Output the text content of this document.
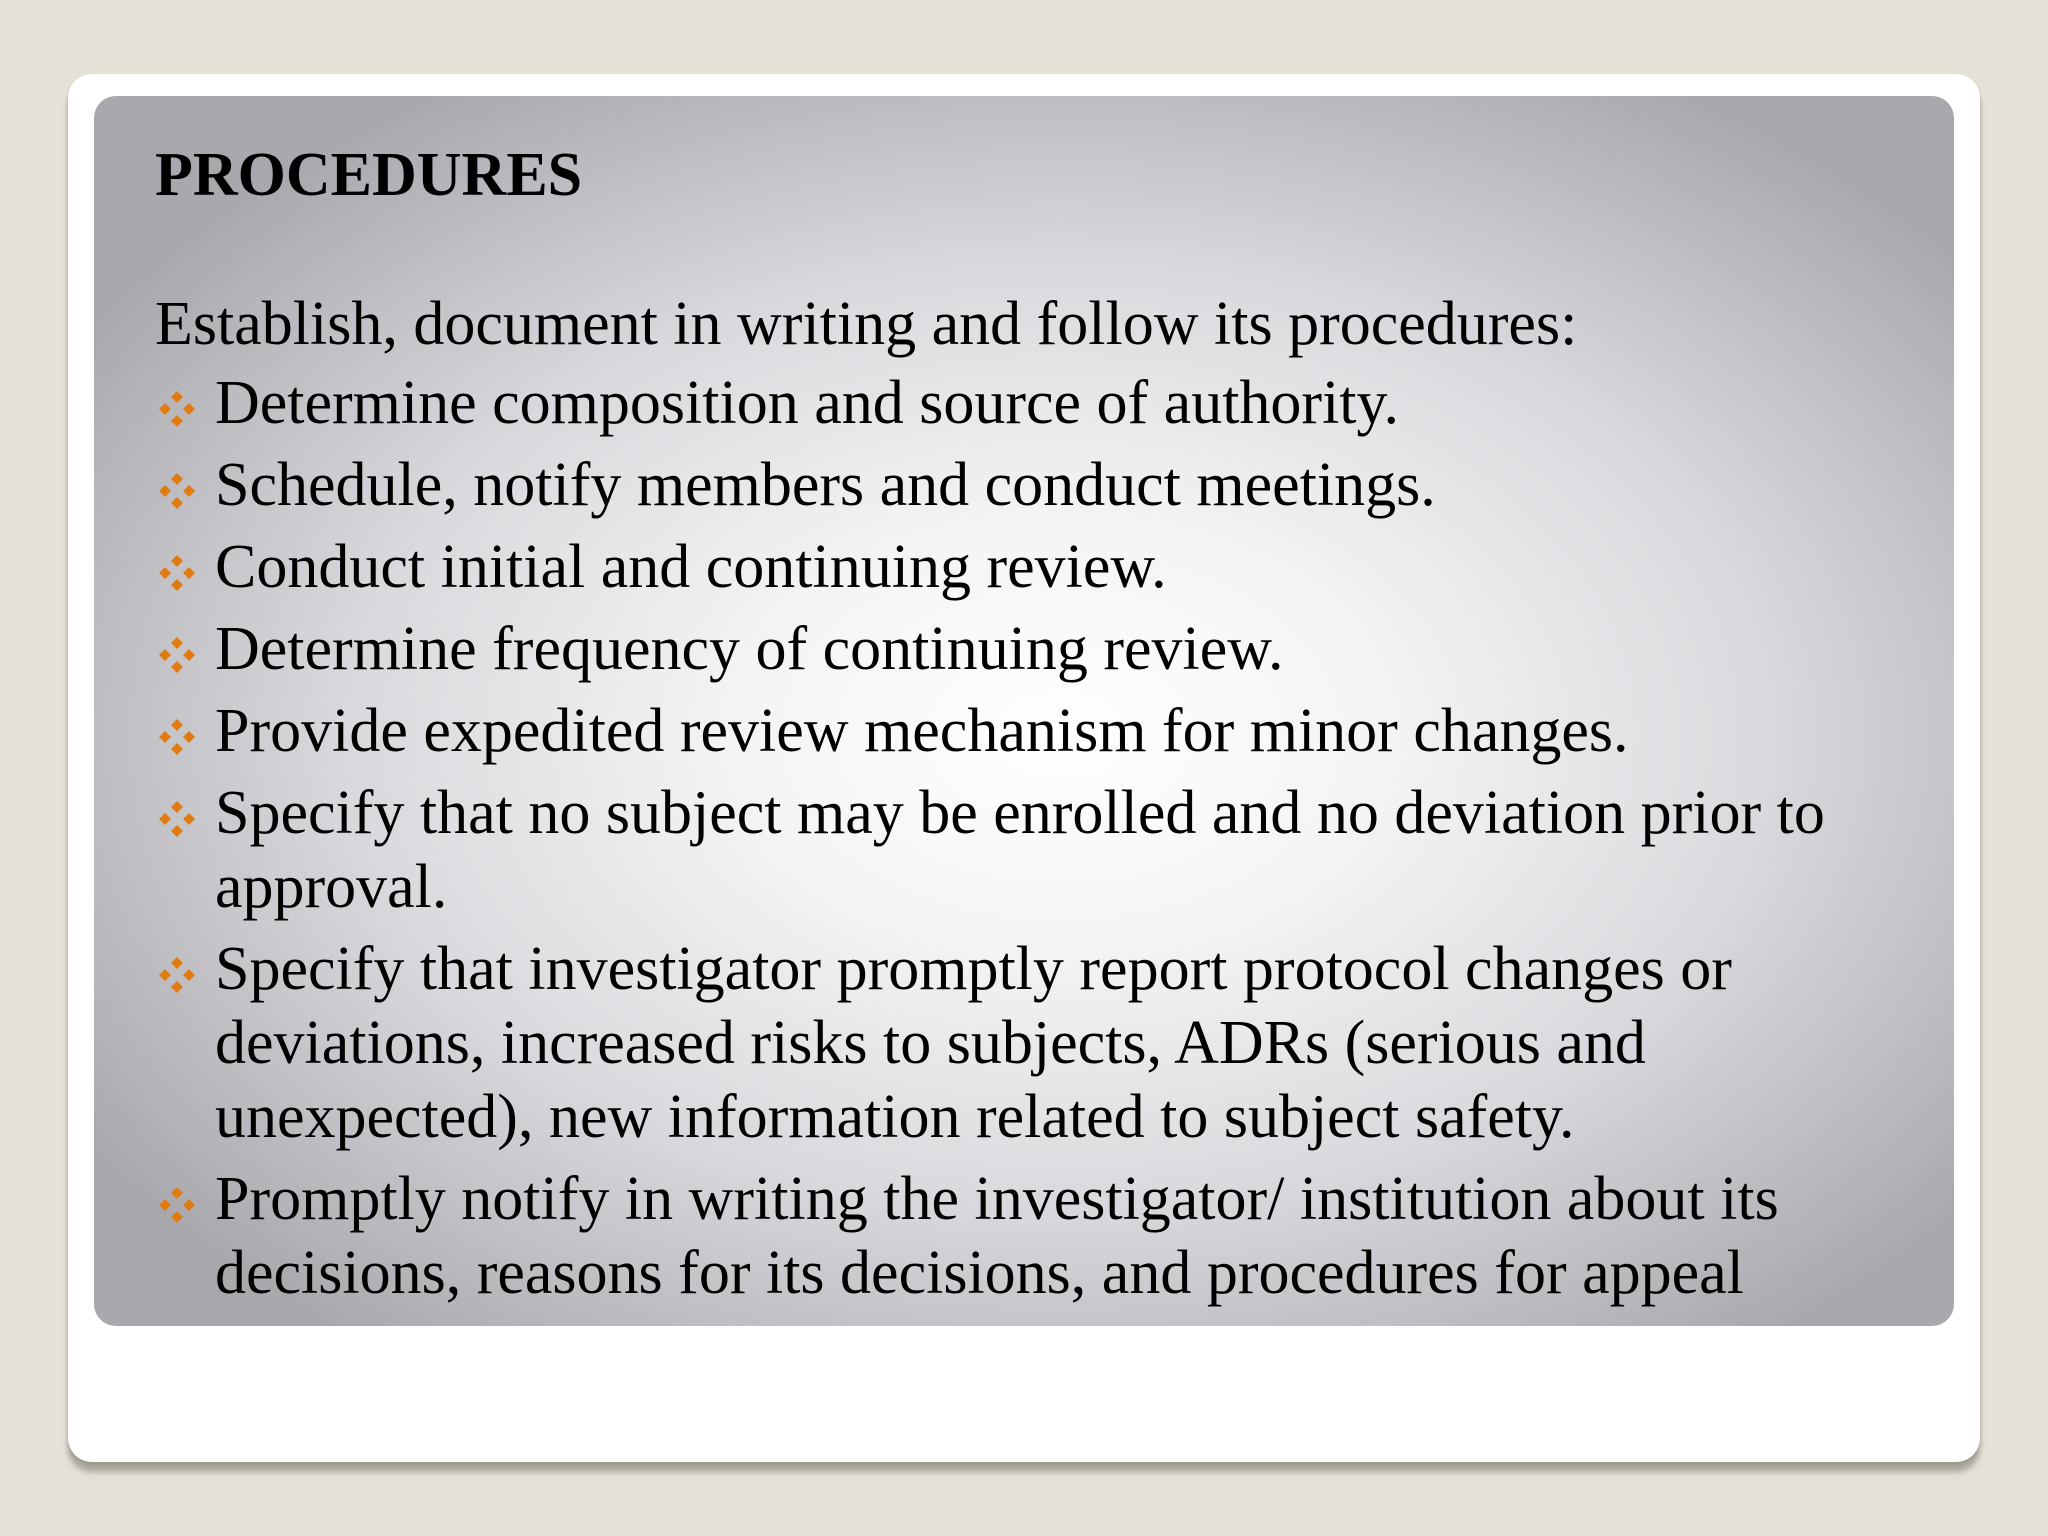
PROCEDURES
Establish, document in writing and follow its procedures:
Determine composition and source of authority.
Schedule, notify members and conduct meetings.
Conduct initial and continuing review.
Determine frequency of continuing review.
Provide expedited review mechanism for minor changes.
Specify that no subject may be enrolled and no deviation prior to approval.
Specify that investigator promptly report protocol changes or deviations, increased risks to subjects, ADRs (serious and unexpected), new information related to subject safety.
Promptly notify in writing the investigator/ institution about its decisions, reasons for its decisions, and procedures for appeal
